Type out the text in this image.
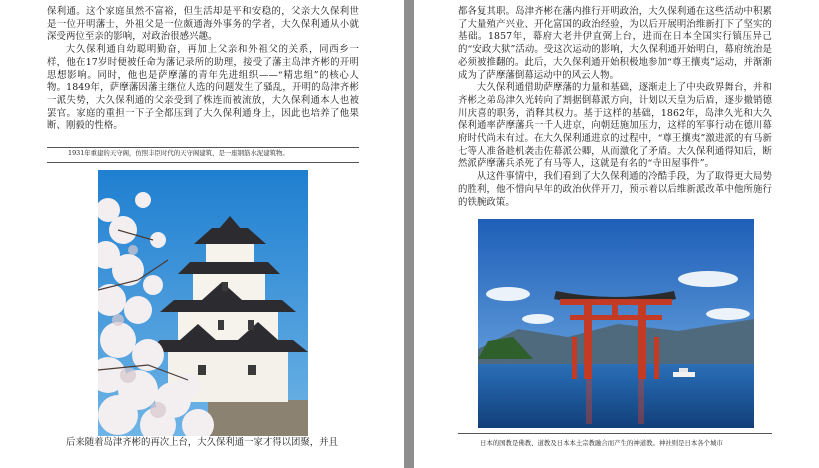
保利通。这个家庭虽然不富裕，但生活却是平和安稳的，父亲大久保利世是一位开明藩士，外祖父是一位颇通海外事务的学者，大久保利通从小就深受两位至亲的影响，对政治很感兴趣。

大久保利通自幼聪明勤奋，再加上父亲和外祖父的关系，同西乡一样，他在17岁时便被任命为藩记录所的助理，接受了藩主岛津齐彬的开明思想影响。同时，他也是萨摩藩的青年先进组织——“精忠组”的核心人物。1849年，萨摩藩因藩主继位人选的问题发生了骚乱，开明的岛津齐彬一派失势，大久保利通的父亲受到了株连而被流放，大久保利通本人也被罢官。家庭的重担一下子全都压到了大久保利通身上，因此也培养了他果断、刚毅的性格。

1931年重建的天守阁，仿照丰臣时代的天守阁建筑，是一座钢筋水泥建筑物。
后来随着岛津齐彬的再次上台，大久保利通一家才得以团聚，并且

都各复其职。岛津齐彬在藩内推行开明政治，大久保利通在这些活动中积累了大量殖产兴业、开化富国的政治经验，为以后开展明治维新打下了坚实的基础。1857年，幕府大老井伊直弼上台，进而在日本全国实行镇压异己的“安政大狱”活动。受这次运动的影响，大久保利通开始明白，幕府统治是必须被推翻的。此后，大久保利通开始积极地参加“尊王攘夷”运动，并渐渐成为了萨摩藩倒幕运动中的风云人物。

大久保利通借助萨摩藩的力量和基础，逐渐走上了中央政界舞台，并和齐彬之弟岛津久光转向了割据倒幕派方向，计划以天皇为后盾，逐步撤销德川庆喜的职务，消释其权力。基于这样的基础，1862年，岛津久光和大久保利通率萨摩藩兵一千人进京，向朝廷施加压力，这样的军事行动在德川幕府时代尚未有过。在大久保利通进京的过程中，“尊王攘夷”激进派的有马新七等人准备趁机袭击佐幕派公卿，从而激化了矛盾。大久保利通得知后，断然派萨摩藩兵杀死了有马等人，这就是有名的“寺田屋事件”。

从这件事情中，我们看到了大久保利通的冷酷手段，为了取得更大局势的胜利，他不惜向早年的政治伙伴开刀，预示着以后维新派改革中他所施行的铁腕政策。

日本的国教是佛教、道教及日本本土宗教融合而产生的神道教。神社则是日本各个城市
